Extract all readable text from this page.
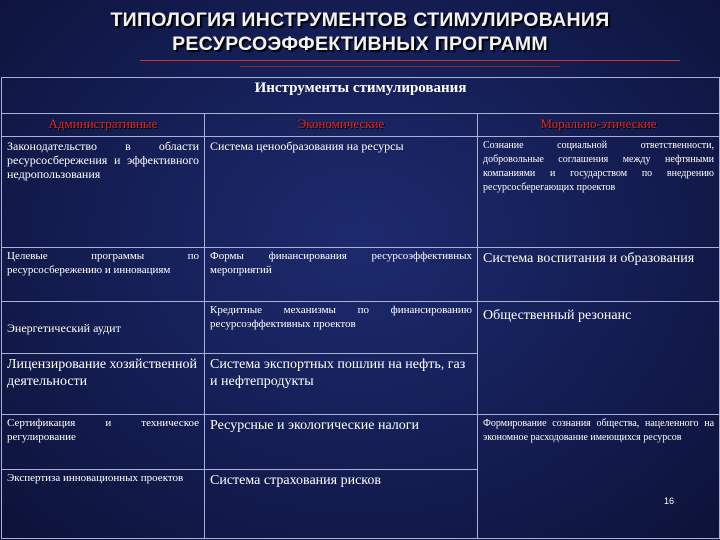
ТИПОЛОГИЯ ИНСТРУМЕНТОВ СТИМУЛИРОВАНИЯ
РЕСУРСОЭФФЕКТИВНЫХ ПРОГРАММ
Инструменты стимулирования		
Административные	Экономические	Морально-этические
Законодательство в области ресурсосбережения и эффективного недропользования	Система ценообразования на ресурсы	Сознание социальной ответственности, добровольные соглашения между нефтяными компаниями и государством по внедрению ресурсосберегающих проектов
Целевые программы по ресурсосбережению и инновациям	Формы финансирования ресурсоэффективных мероприятий	Система воспитания и образования
Энергетический аудит	Кредитные механизмы по финансированию ресурсоэффективных проектов	Общественный резонанс
Лицензирование хозяйственной деятельности	Система экспортных пошлин на нефть, газ и нефтепродукты	
Сертификация и техническое регулирование	Ресурсные и экологические налоги	Формирование сознания общества, нацеленного на экономное расходование имеющихся ресурсов
Экспертиза инновационных проектов	Система страхования рисков	
16
